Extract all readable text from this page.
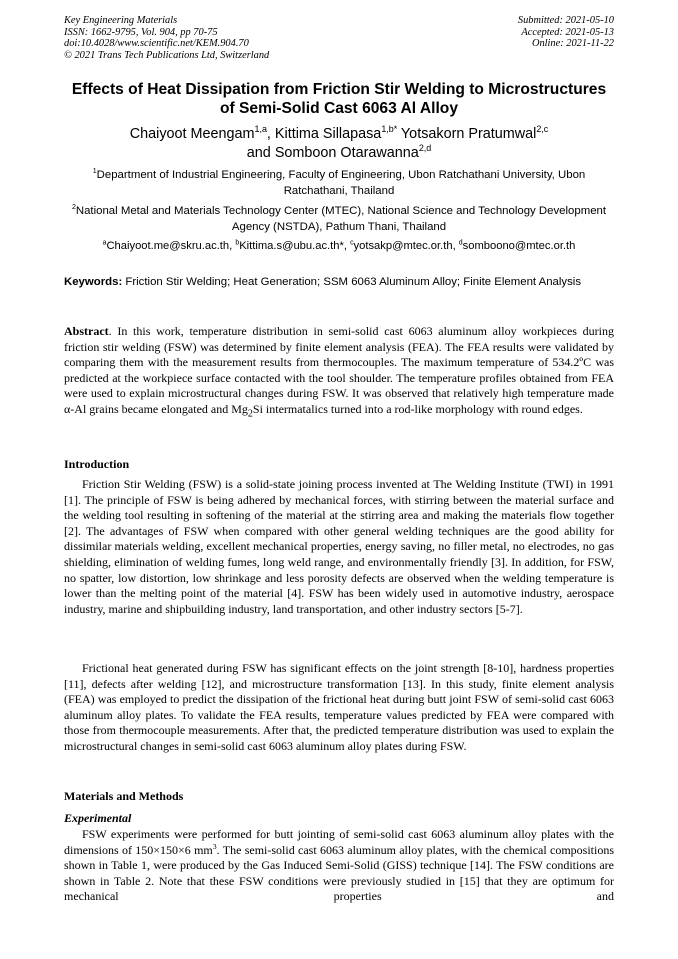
Key Engineering Materials
ISSN: 1662-9795, Vol. 904, pp 70-75
doi:10.4028/www.scientific.net/KEM.904.70
© 2021 Trans Tech Publications Ltd, Switzerland
Submitted: 2021-05-10
Accepted: 2021-05-13
Online: 2021-11-22
Effects of Heat Dissipation from Friction Stir Welding to Microstructures
of Semi-Solid Cast 6063 Al Alloy
Chaiyoot Meengam$^{1,a}$, Kittima Sillapasa$^{1,b*}$ Yotsakorn Pratumwal$^{2,c}$
and Somboon Otarawanna$^{2,d}$
$^1$Department of Industrial Engineering, Faculty of Engineering, Ubon Ratchathani University, Ubon Ratchathani, Thailand
$^2$National Metal and Materials Technology Center (MTEC), National Science and Technology Development Agency (NSTDA), Pathum Thani, Thailand
$^a$Chaiyoot.me@skru.ac.th, $^b$Kittima.s@ubu.ac.th*, $^c$yotsakp@mtec.or.th, $^d$somboono@mtec.or.th
Keywords: Friction Stir Welding; Heat Generation; SSM 6063 Aluminum Alloy; Finite Element Analysis

Abstract. In this work, temperature distribution in semi-solid cast 6063 aluminum alloy workpieces during friction stir welding (FSW) was determined by finite element analysis (FEA). The FEA results were validated by comparing them with the measurement results from thermocouples. The maximum temperature of 534.2ºC was predicted at the workpiece surface contacted with the tool shoulder. The temperature profiles obtained from FEA were used to explain microstructural changes during FSW. It was observed that relatively high temperature made α-Al grains became elongated and $Mg_2Si$ intermatalics turned into a rod-like morphology with round edges.

Introduction

Friction Stir Welding (FSW) is a solid-state joining process invented at The Welding Institute (TWI) in 1991 [1]. The principle of FSW is being adhered by mechanical forces, with stirring between the material surface and the welding tool resulting in softening of the material at the stirring area and making the materials flow together [2]. The advantages of FSW when compared with other general welding techniques are the good ability for dissimilar materials welding, excellent mechanical properties, energy saving, no filler metal, no electrodes, no gas shielding, elimination of welding fumes, long weld range, and environmentally friendly [3]. In addition, for FSW, no spatter, low distortion, low shrinkage and less porosity defects are observed when the welding temperature is lower than the melting point of the material [4]. FSW has been widely used in automotive industry, aerospace industry, marine and shipbuilding industry, land transportation, and other industry sectors [5-7].

Frictional heat generated during FSW has significant effects on the joint strength [8-10], hardness properties [11], defects after welding [12], and microstructure transformation [13]. In this study, finite element analysis (FEA) was employed to predict the dissipation of the frictional heat during butt joint FSW of semi-solid cast 6063 aluminum alloy plates. To validate the FEA results, temperature values predicted by FEA were compared with those from thermocouple measurements. After that, the predicted temperature distribution was used to explain the microstructural changes in semi-solid cast 6063 aluminum alloy plates during FSW.

Materials and Methods
Experimental

FSW experiments were performed for butt jointing of semi-solid cast 6063 aluminum alloy plates with the dimensions of 150×150×6 $mm^3$. The semi-solid cast 6063 aluminum alloy plates, with the chemical compositions shown in Table 1, were produced by the Gas Induced Semi-Solid (GISS) technique [14]. The FSW conditions are shown in Table 2. Note that these FSW conditions were previously studied in [15] that they are optimum for mechanical properties and
